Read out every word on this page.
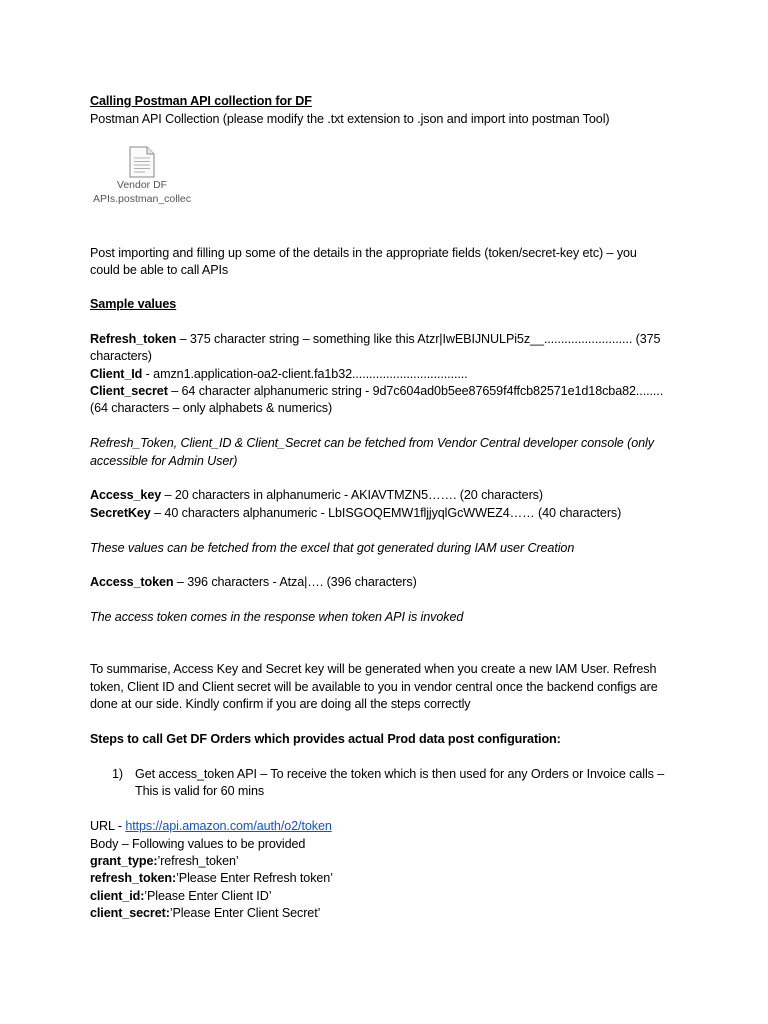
Calling Postman API collection for DF
Postman API Collection (please modify the .txt extension to .json and import into postman Tool)
Vendor DF
APIs.postman_collec
Post importing and filling up some of the details in the appropriate fields (token/secret-key etc) – you
could be able to call APIs
Sample values
Refresh_token – 375 character string – something like this Atzr|IwEBIJNULPi5z__.......................... (375
characters)
Client_Id - amzn1.application-oa2-client.fa1b32..................................
Client_secret – 64 character alphanumeric string - 9d7c604ad0b5ee87659f4ffcb82571e1d18cba82........
(64 characters – only alphabets & numerics)
Refresh_Token, Client_ID & Client_Secret can be fetched from Vendor Central developer console (only
accessible for Admin User)
Access_key – 20 characters in alphanumeric - AKIAVTMZN5……. (20 characters)
SecretKey – 40 characters alphanumeric - LbISGOQEMW1fljjyqlGcWWEZ4…… (40 characters)
These values can be fetched from the excel that got generated during IAM user Creation
Access_token – 396 characters - Atza|…. (396 characters)
The access token comes in the response when token API is invoked
To summarise, Access Key and Secret key will be generated when you create a new IAM User. Refresh
token, Client ID and Client secret will be available to you in vendor central once the backend configs are
done at our side. Kindly confirm if you are doing all the steps correctly
Steps to call Get DF Orders which provides actual Prod data post configuration:
1) Get access_token API – To receive the token which is then used for any Orders or Invoice calls –
This is valid for 60 mins
URL - https://api.amazon.com/auth/o2/token
Body – Following values to be provided
grant_type:’refresh_token’
refresh_token:’Please Enter Refresh token’
client_id:’Please Enter Client ID’
client_secret:’Please Enter Client Secret’
